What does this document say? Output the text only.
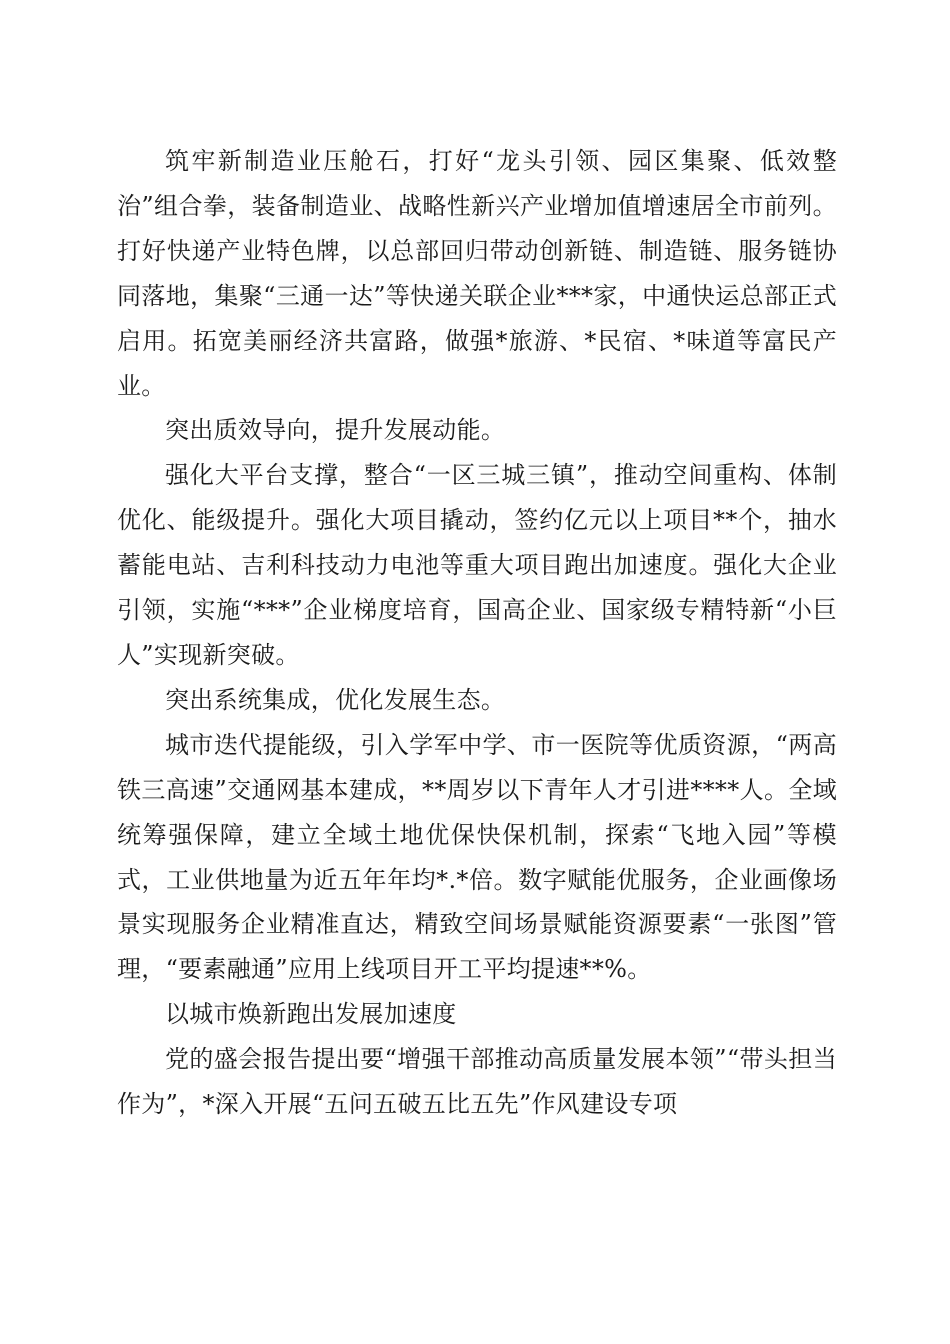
筑牢新制造业压舱石，打好“龙头引领、园区集聚、低效整治”组合拳，装备制造业、战略性新兴产业增加值增速居全市前列。打好快递产业特色牌，以总部回归带动创新链、制造链、服务链协同落地，集聚“三通一达”等快递关联企业***家，中通快运总部正式启用。拓宽美丽经济共富路，做强*旅游、*民宿、*味道等富民产业。

突出质效导向，提升发展动能。

强化大平台支撑，整合“一区三城三镇”，推动空间重构、体制优化、能级提升。强化大项目撬动，签约亿元以上项目**个，抽水蓄能电站、吉利科技动力电池等重大项目跑出加速度。强化大企业引领，实施“***”企业梯度培育，国高企业、国家级专精特新“小巨人”实现新突破。

突出系统集成，优化发展生态。

城市迭代提能级，引入学军中学、市一医院等优质资源，“两高铁三高速”交通网基本建成，**周岁以下青年人才引进****人。全域统筹强保障，建立全域土地优保快保机制，探索“飞地入园”等模式，工业供地量为近五年年均*.*倍。数字赋能优服务，企业画像场景实现服务企业精准直达，精致空间场景赋能资源要素“一张图”管理，“要素融通”应用上线项目开工平均提速**%。

以城市焕新跑出发展加速度

党的盛会报告提出要“增强干部推动高质量发展本领”“带头担当作为”，*深入开展“五问五破五比五先”作风建设专项
